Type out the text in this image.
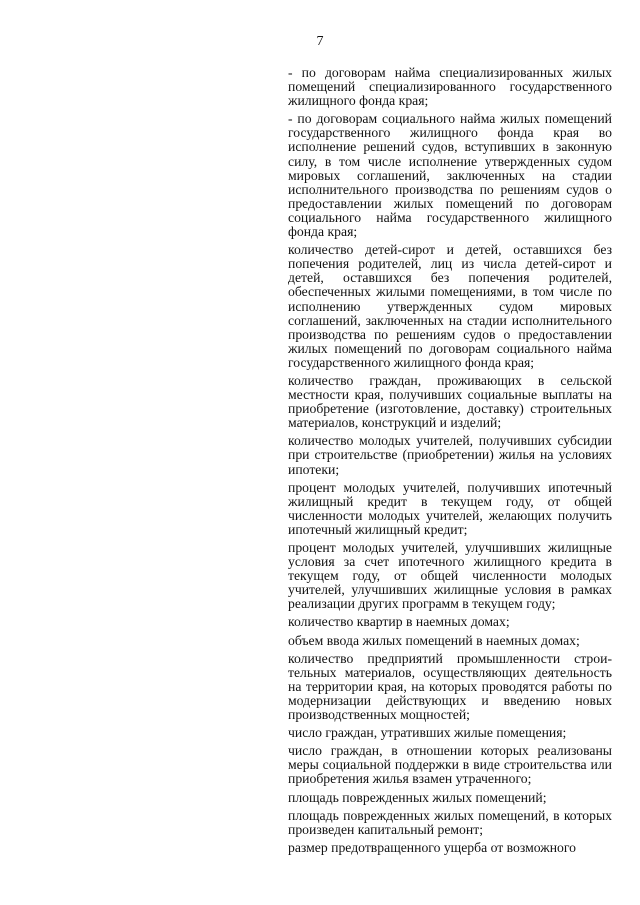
7

- по договорам найма специализированных жилых помещений специализированного государственного жилищного фонда края;

- по договорам социального найма жилых помещений государственного жилищного фонда края во исполнение решений судов, вступивших в законную силу, в том числе исполнение утвержденных судом мировых соглашений, заключенных на стадии исполнительного производства по решениям судов о предоставлении жилых помещений по договорам социального найма государственного жилищного фонда края;

количество детей-сирот и детей, оставшихся без попечения родителей, лиц из числа детей-сирот и детей, оставшихся без попечения родителей, обеспеченных жилыми помещениями, в том числе по исполнению утвержденных судом мировых соглашений, заключенных на стадии исполнительного производства по решениям судов о предоставлении жилых помещений по договорам социального найма государственного жилищного фонда края;

количество граждан, проживающих в сельской местности края, получивших социальные выплаты на приобретение (изготовление, доставку) строительных материалов, конструкций и изделий;

количество молодых учителей, получивших субсидии при строительстве (приобретении) жилья на условиях ипотеки;

процент молодых учителей, получивших ипотечный жилищный кредит в текущем году, от общей численности молодых учителей, желающих получить ипотечный жилищный кредит;

процент молодых учителей, улучшивших жилищные условия за счет ипотечного жилищного кредита в текущем году, от общей численности молодых учителей, улучшивших жилищные условия в рамках реализации других программ в текущем году;

количество квартир в наемных домах;

объем ввода жилых помещений в наемных домах;

количество предприятий промышленности строительных материалов, осуществляющих деятельность на территории края, на которых проводятся работы по модернизации действующих и введению новых производственных мощностей;

число граждан, утративших жилые помещения;

число граждан, в отношении которых реализованы меры социальной поддержки в виде строительства или приобретения жилья взамен утраченного;

площадь поврежденных жилых помещений;

площадь поврежденных жилых помещений, в которых произведен капитальный ремонт;

размер предотвращенного ущерба от возможного
